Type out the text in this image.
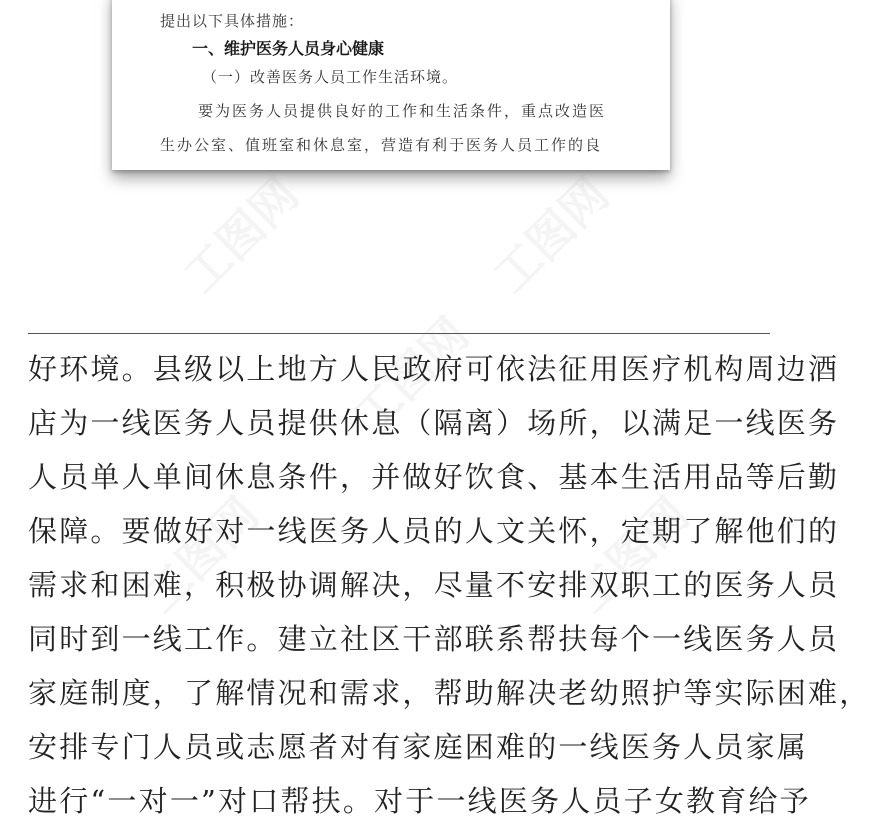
提出以下具体措施：
一、维护医务人员身心健康
（一）改善医务人员工作生活环境。
要为医务人员提供良好的工作和生活条件，重点改造医
生办公室、值班室和休息室，营造有利于医务人员工作的良
工图网	工图网
工图网
工图网	工图网
好环境。县级以上地方人民政府可依法征用医疗机构周边酒
店为一线医务人员提供休息（隔离）场所，以满足一线医务
人员单人单间休息条件，并做好饮食、基本生活用品等后勤
保障。要做好对一线医务人员的人文关怀，定期了解他们的
需求和困难，积极协调解决，尽量不安排双职工的医务人员
同时到一线工作。建立社区干部联系帮扶每个一线医务人员
家庭制度，了解情况和需求，帮助解决老幼照护等实际困难，
安排专门人员或志愿者对有家庭困难的一线医务人员家属
进行“一对一”对口帮扶。对于一线医务人员子女教育给予
